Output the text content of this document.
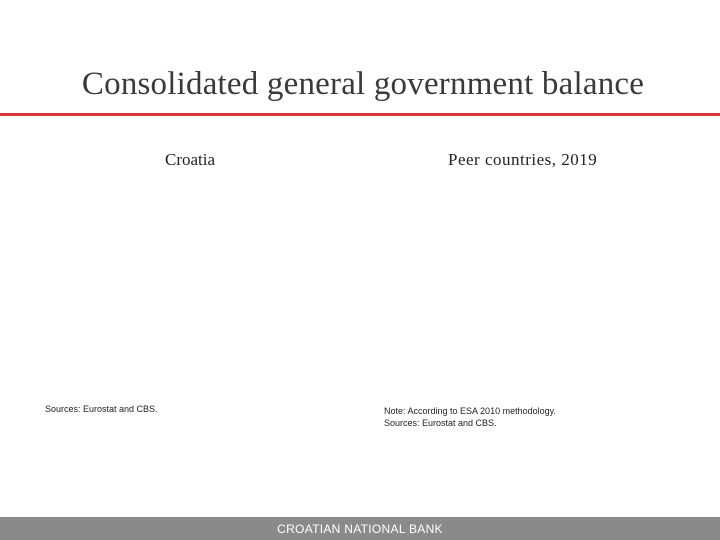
Consolidated general government balance
Croatia	Peer countries, 2019
Sources: Eurostat and CBS.	Note: According to ESA 2010 methodology.
Sources: Eurostat and CBS.
CROATIAN NATIONAL BANK
